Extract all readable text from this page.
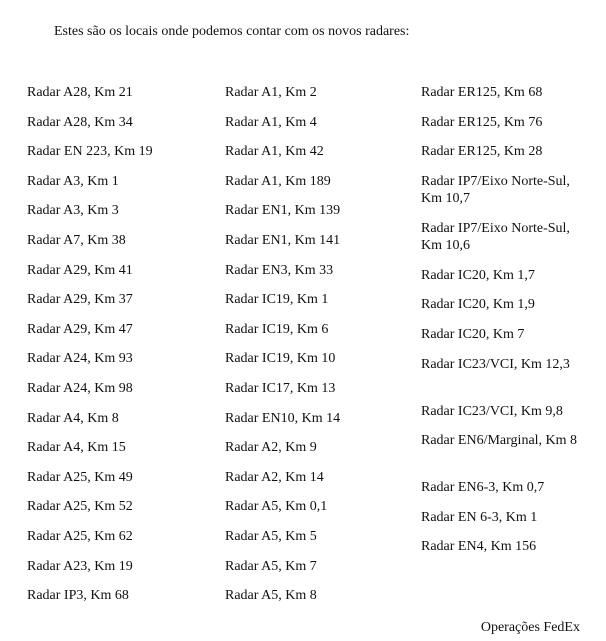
Estes são os locais onde podemos contar com os novos radares:
Radar A28, Km 21
Radar A28, Km 34
Radar EN 223, Km 19
Radar A3, Km 1
Radar A3, Km 3
Radar A7, Km 38
Radar A29, Km 41
Radar A29, Km 37
Radar A29, Km 47
Radar A24, Km 93
Radar A24, Km 98
Radar A4, Km 8
Radar A4, Km 15
Radar A25, Km 49
Radar A25, Km 52
Radar A25, Km 62
Radar A23, Km 19
Radar IP3, Km 68
Radar A1, Km 2
Radar A1, Km 4
Radar A1, Km 42
Radar A1, Km 189
Radar EN1, Km 139
Radar EN1, Km 141
Radar EN3, Km 33
Radar IC19, Km 1
Radar IC19, Km 6
Radar IC19, Km 10
Radar IC17, Km 13
Radar EN10, Km 14
Radar A2, Km 9
Radar A2, Km 14
Radar A5, Km 0,1
Radar A5, Km 5
Radar A5, Km 7
Radar A5, Km 8
Radar ER125, Km 68
Radar ER125, Km 76
Radar ER125, Km 28
Radar IP7/Eixo Norte-Sul, Km 10,7
Radar IP7/Eixo Norte-Sul, Km 10,6
Radar IC20, Km 1,7
Radar IC20, Km 1,9
Radar IC20, Km 7
Radar IC23/VCI, Km 12,3
Radar IC23/VCI, Km 9,8
Radar EN6/Marginal, Km 8
Radar EN6-3, Km 0,7
Radar EN 6-3, Km 1
Radar EN4, Km 156
Operações FedEx
